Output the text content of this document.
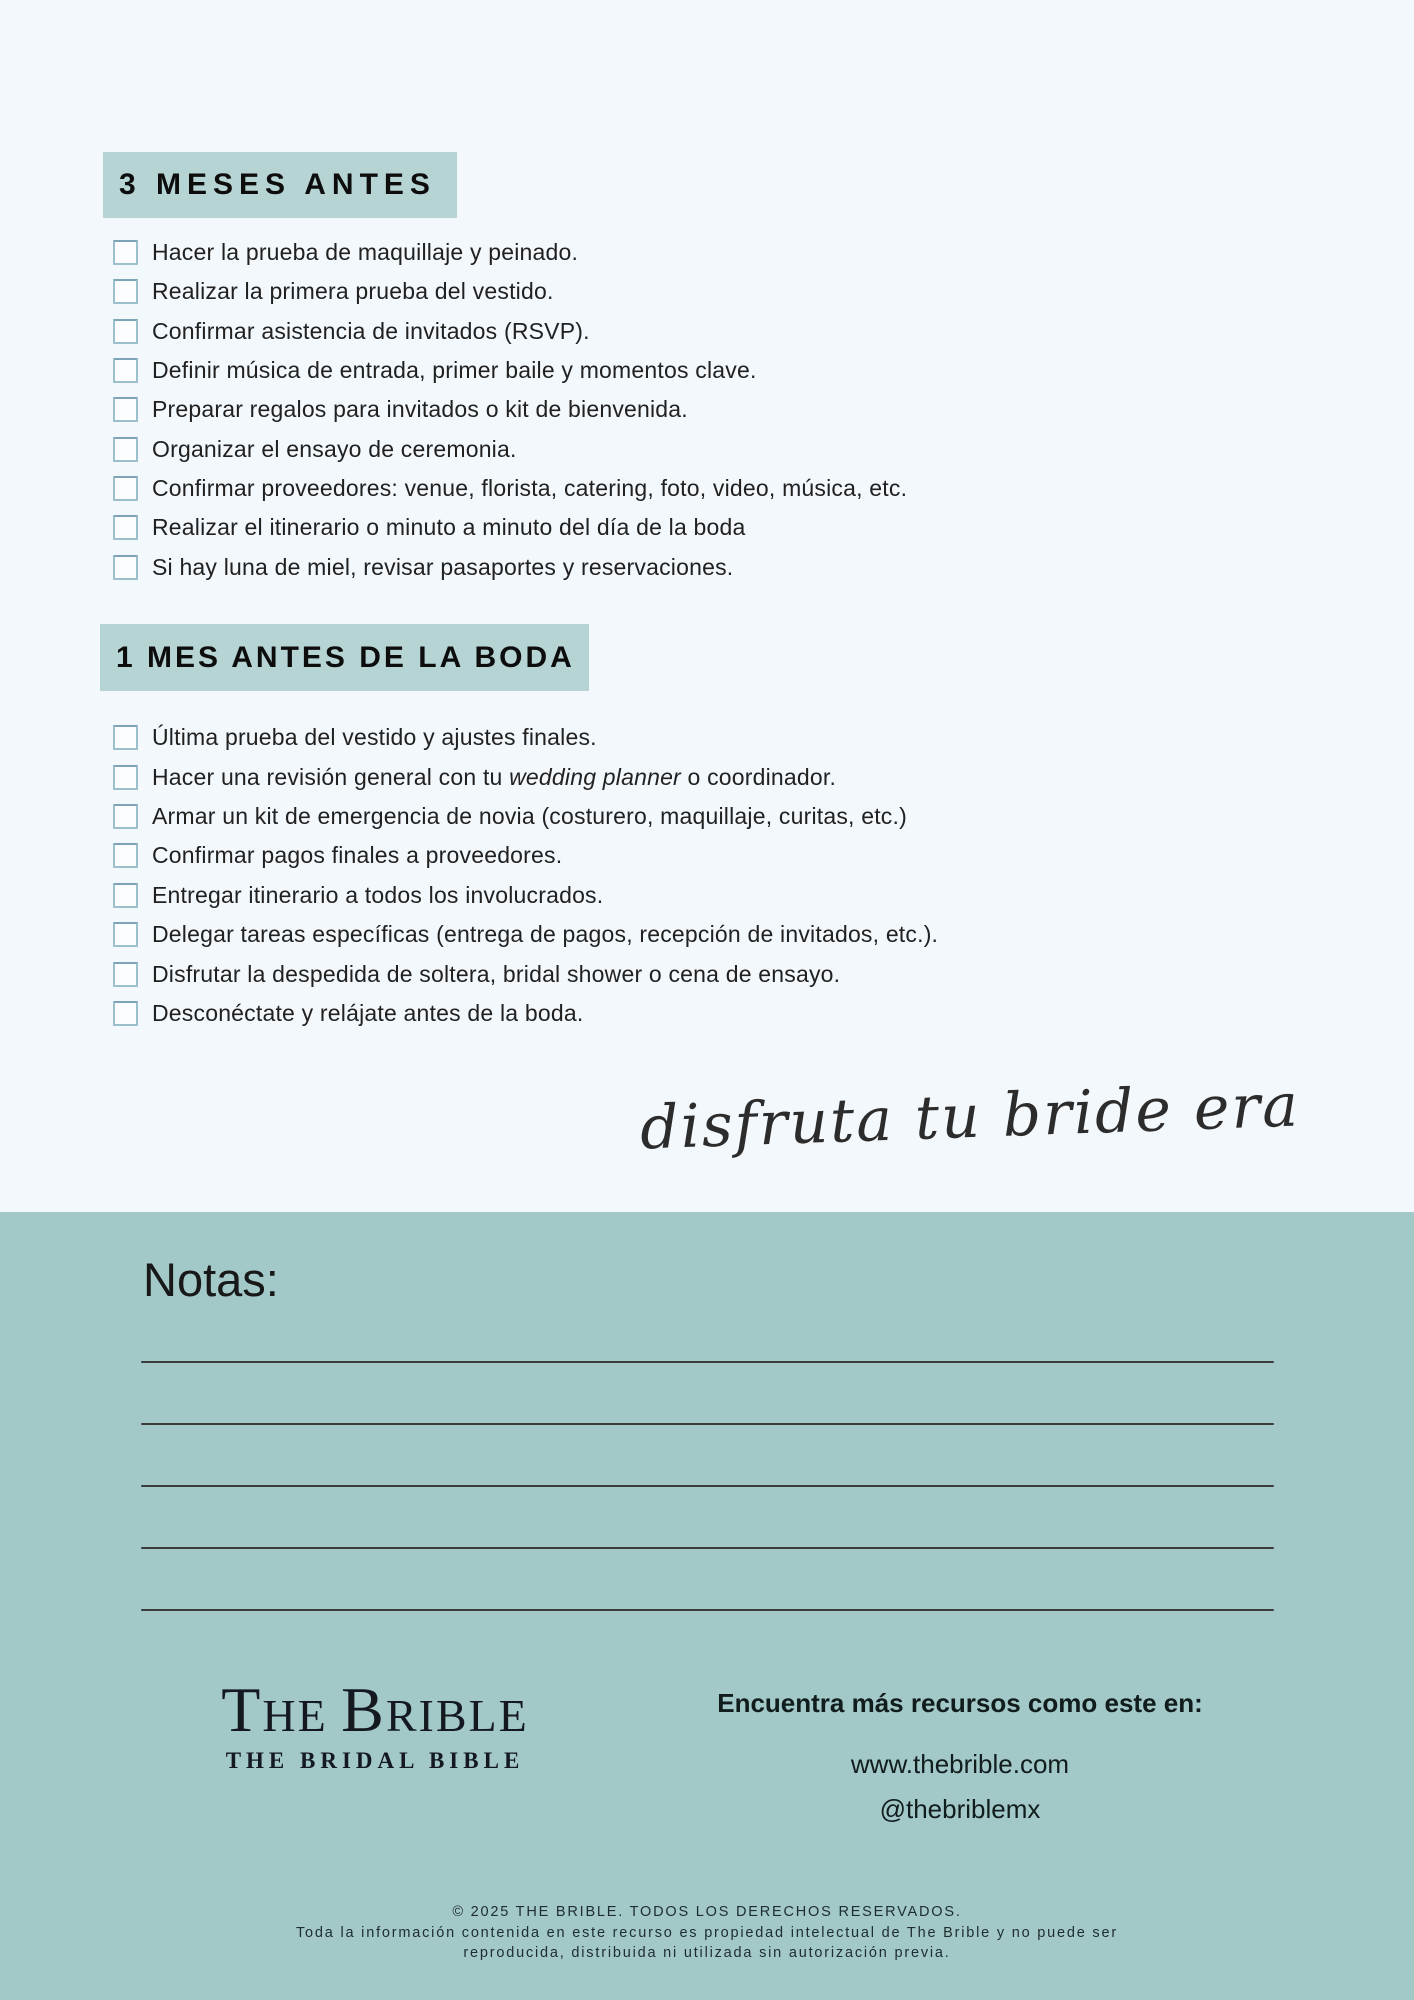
3 MESES ANTES
Hacer la prueba de maquillaje y peinado.
Realizar la primera prueba del vestido.
Confirmar asistencia de invitados (RSVP).
Definir música de entrada, primer baile y momentos clave.
Preparar regalos para invitados o kit de bienvenida.
Organizar el ensayo de ceremonia.
Confirmar proveedores: venue, florista, catering, foto, video, música, etc.
Realizar el itinerario o minuto a minuto del día de la boda
Si hay luna de miel, revisar pasaportes y reservaciones.
1 MES ANTES DE LA BODA
Última prueba del vestido y ajustes finales.
Hacer una revisión general con tu wedding planner o coordinador.
Armar un kit de emergencia de novia (costurero, maquillaje, curitas, etc.)
Confirmar pagos finales a proveedores.
Entregar itinerario a todos los involucrados.
Delegar tareas específicas (entrega de pagos, recepción de invitados, etc.).
Disfrutar la despedida de soltera, bridal shower o cena de ensayo.
Desconéctate y relájate antes de la boda.
disfruta tu bride era
Notas:
THE BRIBLE
THE BRIDAL BIBLE

Encuentra más recursos como este en:

www.thebrible.com

@thebriblemx

© 2025 THE BRIBLE. TODOS LOS DERECHOS RESERVADOS.
Toda la información contenida en este recurso es propiedad intelectual de The Brible y no puede ser
reproducida, distribuida ni utilizada sin autorización previa.
